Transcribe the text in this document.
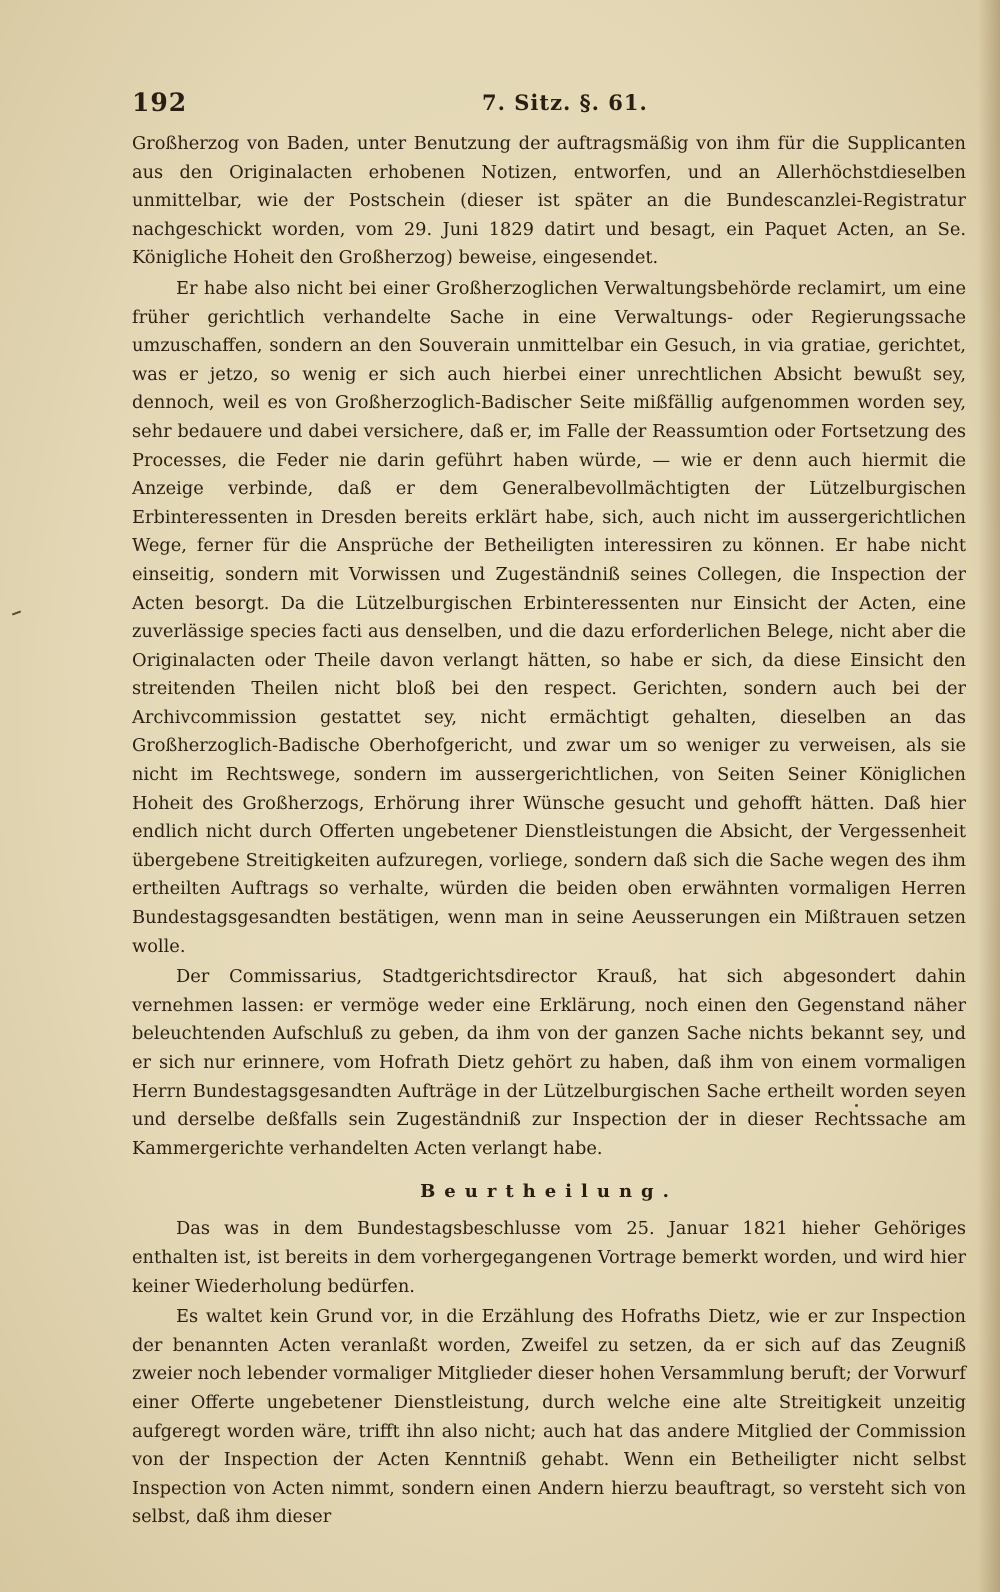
192	7. Sitz. §. 61.

Großherzog von Baden, unter Benutzung der auftragsmäßig von ihm für die Supplicanten aus den Originalacten erhobenen Notizen, entworfen, und an Allerhöchstdieselben unmittelbar, wie der Postschein (dieser ist später an die Bundescanzlei-Registratur nachgeschickt worden, vom 29. Juni 1829 datirt und besagt, ein Paquet Acten, an Se. Königliche Hoheit den Großherzog) beweise, eingesendet.

Er habe also nicht bei einer Großherzoglichen Verwaltungsbehörde reclamirt, um eine früher gerichtlich verhandelte Sache in eine Verwaltungs- oder Regierungssache umzuschaffen, sondern an den Souverain unmittelbar ein Gesuch, in via gratiae, gerichtet, was er jetzo, so wenig er sich auch hierbei einer unrechtlichen Absicht bewußt sey, dennoch, weil es von Großherzoglich-Badischer Seite mißfällig aufgenommen worden sey, sehr bedauere und dabei versichere, daß er, im Falle der Reassumtion oder Fortsetzung des Processes, die Feder nie darin geführt haben würde, — wie er denn auch hiermit die Anzeige verbinde, daß er dem Generalbevollmächtigten der Lützelburgischen Erbinteressenten in Dresden bereits erklärt habe, sich, auch nicht im aussergerichtlichen Wege, ferner für die Ansprüche der Betheiligten interessiren zu können. Er habe nicht einseitig, sondern mit Vorwissen und Zugeständniß seines Collegen, die Inspection der Acten besorgt. Da die Lützelburgischen Erbinteressenten nur Einsicht der Acten, eine zuverlässige species facti aus denselben, und die dazu erforderlichen Belege, nicht aber die Originalacten oder Theile davon verlangt hätten, so habe er sich, da diese Einsicht den streitenden Theilen nicht bloß bei den respect. Gerichten, sondern auch bei der Archivcommission gestattet sey, nicht ermächtigt gehalten, dieselben an das Großherzoglich-Badische Oberhofgericht, und zwar um so weniger zu verweisen, als sie nicht im Rechtswege, sondern im aussergerichtlichen, von Seiten Seiner Königlichen Hoheit des Großherzogs, Erhörung ihrer Wünsche gesucht und gehofft hätten. Daß hier endlich nicht durch Offerten ungebetener Dienstleistungen die Absicht, der Vergessenheit übergebene Streitigkeiten aufzuregen, vorliege, sondern daß sich die Sache wegen des ihm ertheilten Auftrags so verhalte, würden die beiden oben erwähnten vormaligen Herren Bundestagsgesandten bestätigen, wenn man in seine Aeusserungen ein Mißtrauen setzen wolle.

Der Commissarius, Stadtgerichtsdirector Krauß, hat sich abgesondert dahin vernehmen lassen: er vermöge weder eine Erklärung, noch einen den Gegenstand näher beleuchtenden Aufschluß zu geben, da ihm von der ganzen Sache nichts bekannt sey, und er sich nur erinnere, vom Hofrath Dietz gehört zu haben, daß ihm von einem vormaligen Herrn Bundestagsgesandten Aufträge in der Lützelburgischen Sache ertheilt worden seyen und derselbe deßfalls sein Zugeständniß zur Inspection der in dieser Rechtssache am Kammergerichte verhandelten Acten verlangt habe.

Beurtheilung.

Das was in dem Bundestagsbeschlusse vom 25. Januar 1821 hieher Gehöriges enthalten ist, ist bereits in dem vorhergegangenen Vortrage bemerkt worden, und wird hier keiner Wiederholung bedürfen.

Es waltet kein Grund vor, in die Erzählung des Hofraths Dietz, wie er zur Inspection der benannten Acten veranlaßt worden, Zweifel zu setzen, da er sich auf das Zeugniß zweier noch lebender vormaliger Mitglieder dieser hohen Versammlung beruft; der Vorwurf einer Offerte ungebetener Dienstleistung, durch welche eine alte Streitigkeit unzeitig aufgeregt worden wäre, trifft ihn also nicht; auch hat das andere Mitglied der Commission von der Inspection der Acten Kenntniß gehabt. Wenn ein Betheiligter nicht selbst Inspection von Acten nimmt, sondern einen Andern hierzu beauftragt, so versteht sich von selbst, daß ihm dieser
